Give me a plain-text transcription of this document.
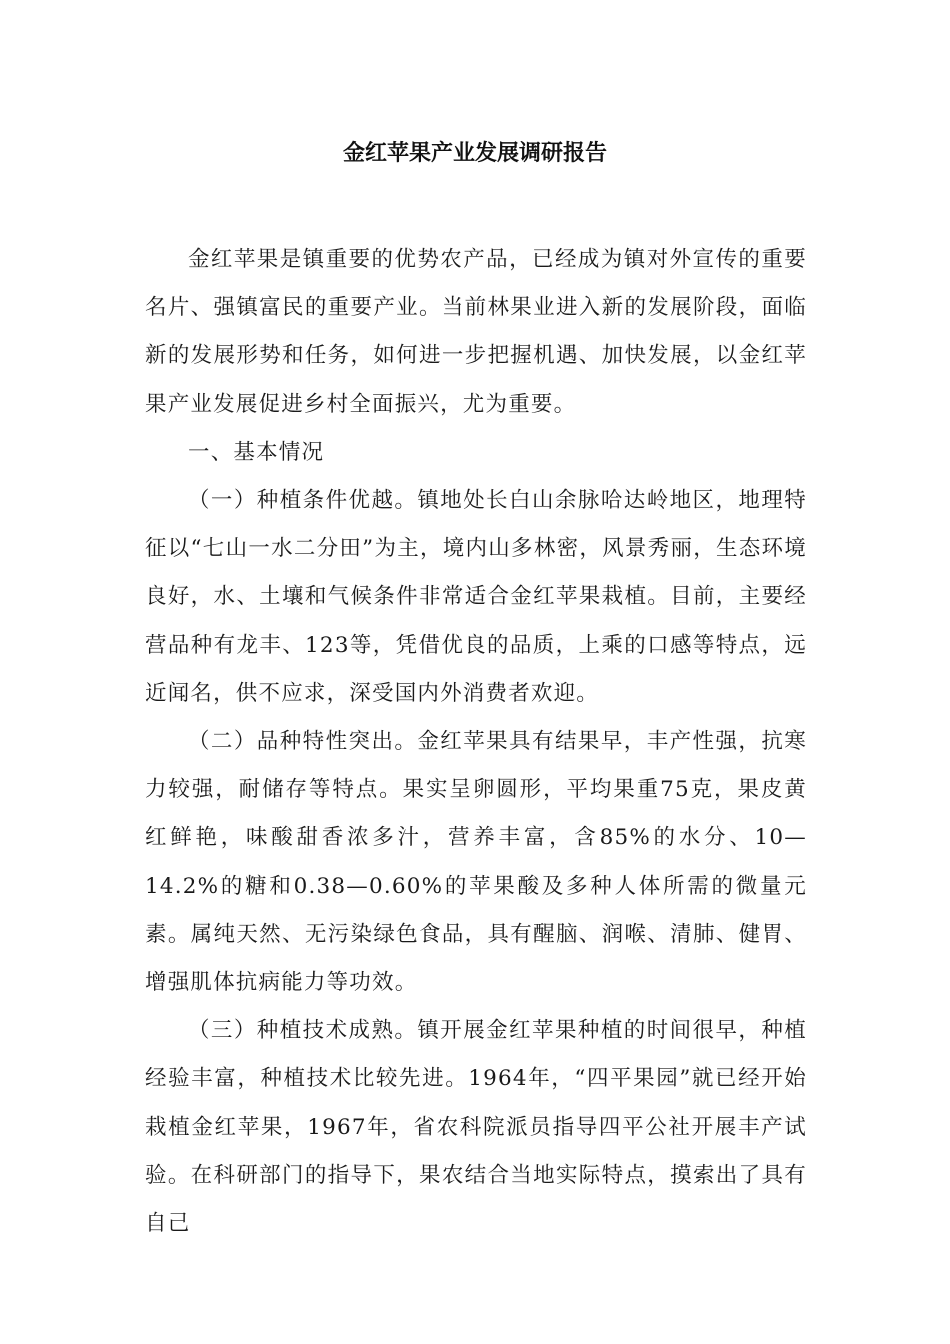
金红苹果产业发展调研报告

金红苹果是镇重要的优势农产品，已经成为镇对外宣传的重要名片、强镇富民的重要产业。当前林果业进入新的发展阶段，面临新的发展形势和任务，如何进一步把握机遇、加快发展，以金红苹果产业发展促进乡村全面振兴，尤为重要。

一、基本情况

（一）种植条件优越。镇地处长白山余脉哈达岭地区，地理特征以“七山一水二分田”为主，境内山多林密，风景秀丽，生态环境良好，水、土壤和气候条件非常适合金红苹果栽植。目前，主要经营品种有龙丰、123等，凭借优良的品质，上乘的口感等特点，远近闻名，供不应求，深受国内外消费者欢迎。

（二）品种特性突出。金红苹果具有结果早，丰产性强，抗寒力较强，耐储存等特点。果实呈卵圆形，平均果重75克，果皮黄红鲜艳，味酸甜香浓多汁，营养丰富，含85%的水分、10—14.2%的糖和0.38—0.60%的苹果酸及多种人体所需的微量元素。属纯天然、无污染绿色食品，具有醒脑、润喉、清肺、健胃、增强肌体抗病能力等功效。

（三）种植技术成熟。镇开展金红苹果种植的时间很早，种植经验丰富，种植技术比较先进。1964年，“四平果园”就已经开始栽植金红苹果，1967年，省农科院派员指导四平公社开展丰产试验。在科研部门的指导下，果农结合当地实际特点，摸索出了具有自己
